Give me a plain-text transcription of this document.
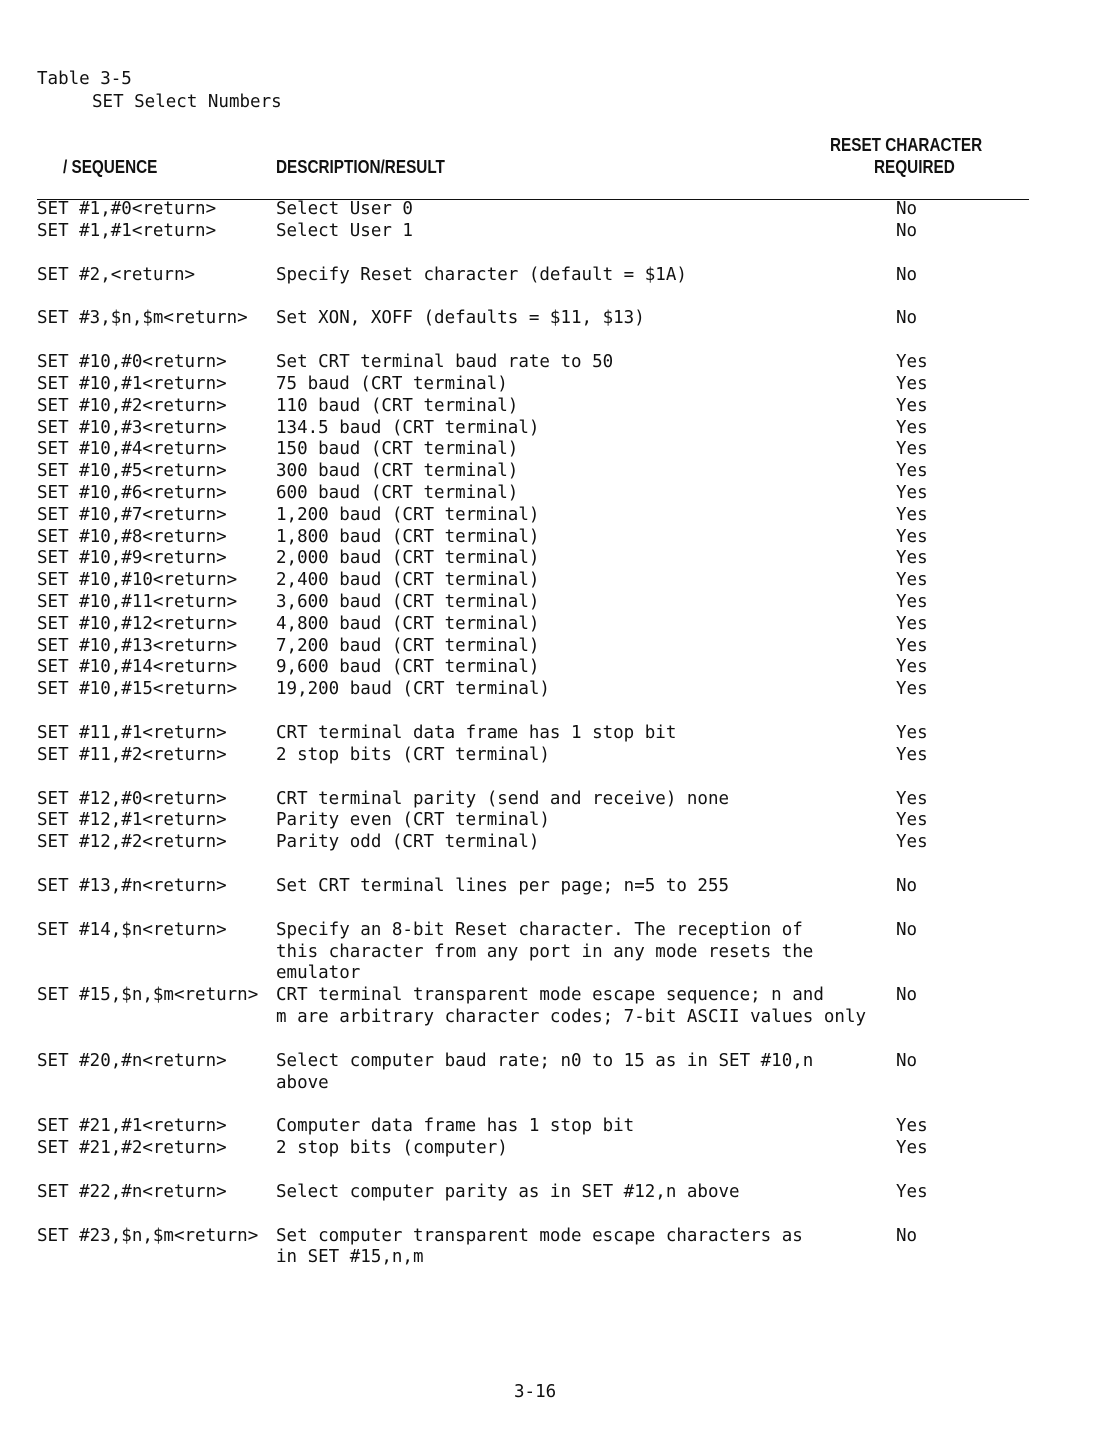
Table 3-5
SET Select Numbers
/ SEQUENCE	DESCRIPTION/RESULT
RESET CHARACTER
REQUIRED
SET #1,#0<return>	Select User 0	No
SET #1,#1<return>	Select User 1	No
SET #2,<return>	Specify Reset character (default = $1A)	No
SET #3,$n,$m<return> Set XON, XOFF (defaults = $11, $13)	No
SET #10,#0<return>	Set CRT terminal baud rate to 50	Yes
SET #10,#1<return>	75 baud (CRT terminal)	Yes
SET #10,#2<return>	110 baud (CRT terminal)	Yes
SET #10,#3<return>	134.5 baud (CRT terminal)	Yes
SET #10,#4<return>	150 baud (CRT terminal)	Yes
SET #10,#5<return>	300 baud (CRT terminal)	Yes
SET #10,#6<return>	600 baud (CRT terminal)	Yes
SET #10,#7<return>	1,200 baud (CRT terminal)	Yes
SET #10,#8<return>	1,800 baud (CRT terminal)	Yes
SET #10,#9<return>	2,000 baud (CRT terminal)	Yes
SET #10,#10<return> 2,400 baud (CRT terminal)	Yes
SET #10,#11<return> 3,600 baud (CRT terminal)	Yes
SET #10,#12<return> 4,800 baud (CRT terminal)	Yes
SET #10,#13<return> 7,200 baud (CRT terminal)	Yes
SET #10,#14<return> 9,600 baud (CRT terminal)	Yes
SET #10,#15<return> 19,200 baud (CRT terminal)	Yes
SET #11,#1<return>	CRT terminal data frame has 1 stop bit	Yes
SET #11,#2<return>	2 stop bits (CRT terminal)	Yes
SET #12,#0<return>	CRT terminal parity (send and receive) none	Yes
SET #12,#1<return>	Parity even (CRT terminal)	Yes
SET #12,#2<return>	Parity odd (CRT terminal)	Yes
SET #13,#n<return>	Set CRT terminal lines per page; n=5 to 255	No
SET #14,$n<return>	Specify an 8-bit Reset character. The reception of	No
this character from any port in any mode resets the
emulator
SET #15,$n,$m<return> CRT terminal transparent mode escape sequence; n and	No
m are arbitrary character codes; 7-bit ASCII values only
SET #20,#n<return>	Select computer baud rate; n0 to 15 as in SET #10,n	No
above
SET #21,#1<return>	Computer data frame has 1 stop bit	Yes
SET #21,#2<return>	2 stop bits (computer)	Yes
SET #22,#n<return>	Select computer parity as in SET #12,n above	Yes
SET #23,$n,$m<return> Set computer transparent mode escape characters as	No
in SET #15,n,m
3-16
